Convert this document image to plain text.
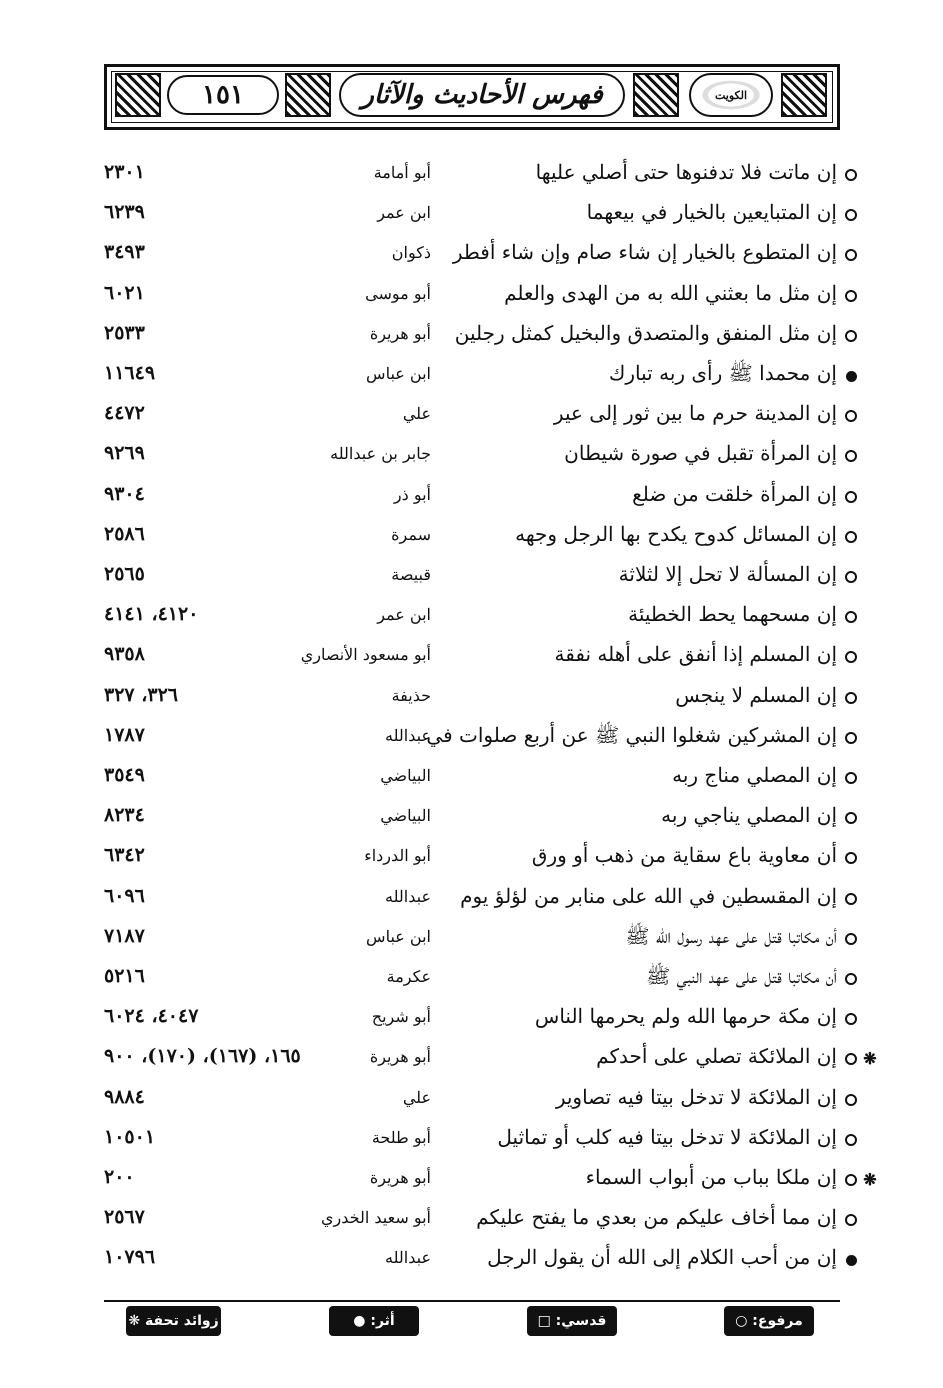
١٥١	فهرس الأحاديث والآثار	الكويت
إن ماتت فلا تدفنوها حتى أصلي عليها
أبو أمامة
٢٣٠١
إن المتبايعين بالخيار في بيعهما
ابن عمر
٦٢٣٩
إن المتطوع بالخيار إن شاء صام وإن شاء أفطر
ذكوان
٣٤٩٣
إن مثل ما بعثني الله به من الهدى والعلم
أبو موسى
٦٠٢١
إن مثل المنفق والمتصدق والبخيل كمثل رجلين
أبو هريرة
٢٥٣٣
إن محمدا ﷺ رأى ربه تبارك
ابن عباس
١١٦٤٩
إن المدينة حرم ما بين ثور إلى عير
علي
٤٤٧٢
إن المرأة تقبل في صورة شيطان
جابر بن عبدالله
٩٢٦٩
إن المرأة خلقت من ضلع
أبو ذر
٩٣٠٤
إن المسائل كدوح يكدح بها الرجل وجهه
سمرة
٢٥٨٦
إن المسألة لا تحل إلا لثلاثة
قبيصة
٢٥٦٥
إن مسحهما يحط الخطيئة
ابن عمر
٤١٢٠، ٤١٤١
إن المسلم إذا أنفق على أهله نفقة
أبو مسعود الأنصاري
٩٣٥٨
إن المسلم لا ينجس
حذيفة
٣٢٦، ٣٢٧
إن المشركين شغلوا النبي ﷺ عن أربع صلوات في
عبدالله
١٧٨٧
إن المصلي مناج ربه
البياضي
٣٥٤٩
إن المصلي يناجي ربه
البياضي
٨٢٣٤
أن معاوية باع سقاية من ذهب أو ورق
أبو الدرداء
٦٣٤٢
إن المقسطين في الله على منابر من لؤلؤ يوم
عبدالله
٦٠٩٦
أن مكاتبا قتل على عهد رسول الله ﷺ
ابن عباس
٧١٨٧
أن مكاتبا قتل على عهد النبي ﷺ
عكرمة
٥٢١٦
إن مكة حرمها الله ولم يحرمها الناس
أبو شريح
٤٠٤٧، ٦٠٢٤
❋
إن الملائكة تصلي على أحدكم
أبو هريرة
١٦٥، (١٦٧)، (١٧٠)، ٩٠٠
إن الملائكة لا تدخل بيتا فيه تصاوير
علي
٩٨٨٤
إن الملائكة لا تدخل بيتا فيه كلب أو تماثيل
أبو طلحة
١٠٥٠١
❋
إن ملكا بباب من أبواب السماء
أبو هريرة
٢٠٠
إن مما أخاف عليكم من بعدي ما يفتح عليكم
أبو سعيد الخدري
٢٥٦٧
إن من أحب الكلام إلى الله أن يقول الرجل
عبدالله
١٠٧٩٦
مرفوع: ○
قدسي: □
أثر: ●
زوائد تحفة ❋
